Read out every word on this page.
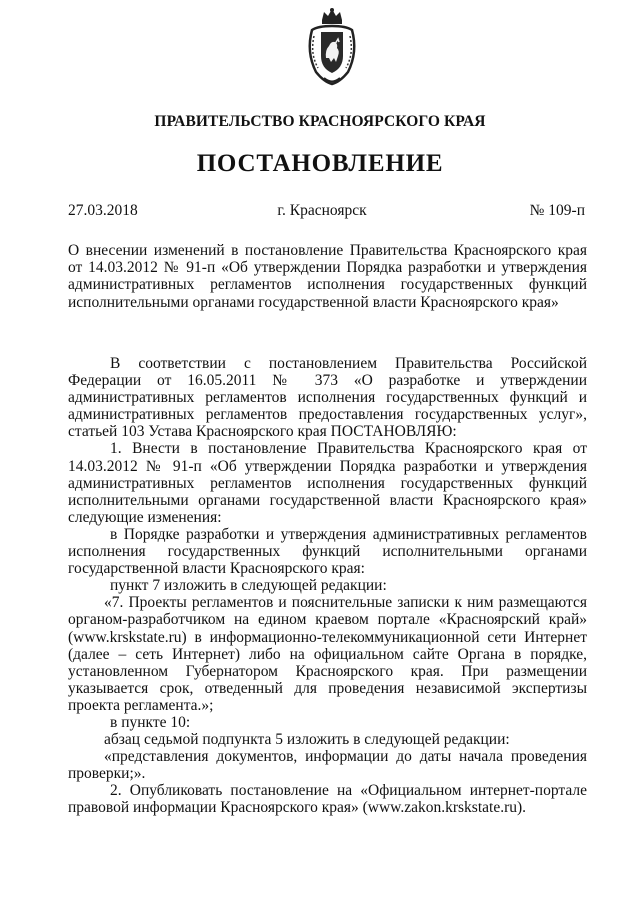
ПРАВИТЕЛЬСТВО КРАСНОЯРСКОГО КРАЯ
ПОСТАНОВЛЕНИЕ
27.03.2018	г. Красноярск	№ 109-п
О внесении изменений в постановление Правительства Красноярского края от 14.03.2012 № 91-п «Об утверждении Порядка разработки и утверждения административных регламентов исполнения государственных функций исполнительными органами государственной власти Красноярского края»

В соответствии с постановлением Правительства Российской Федерации от 16.05.2011 № 373 «О разработке и утверждении административных регламентов исполнения государственных функций и административных регламентов предоставления государственных услуг», статьей 103 Устава Красноярского края ПОСТАНОВЛЯЮ:

1. Внести в постановление Правительства Красноярского края от 14.03.2012 № 91-п «Об утверждении Порядка разработки и утверждения административных регламентов исполнения государственных функций исполнительными органами государственной власти Красноярского края» следующие изменения:

в Порядке разработки и утверждения административных регламентов исполнения государственных функций исполнительными органами государственной власти Красноярского края:

пункт 7 изложить в следующей редакции:

«7. Проекты регламентов и пояснительные записки к ним размещаются органом-разработчиком на едином краевом портале «Красноярский край» (www.krskstate.ru) в информационно-телекоммуникационной сети Интернет (далее – сеть Интернет) либо на официальном сайте Органа в порядке, установленном Губернатором Красноярского края. При размещении указывается срок, отведенный для проведения независимой экспертизы проекта регламента.»;

в пункте 10:

абзац седьмой подпункта 5 изложить в следующей редакции:

«представления документов, информации до даты начала проведения проверки;».

2. Опубликовать постановление на «Официальном интернет-портале правовой информации Красноярского края» (www.zakon.krskstate.ru).
